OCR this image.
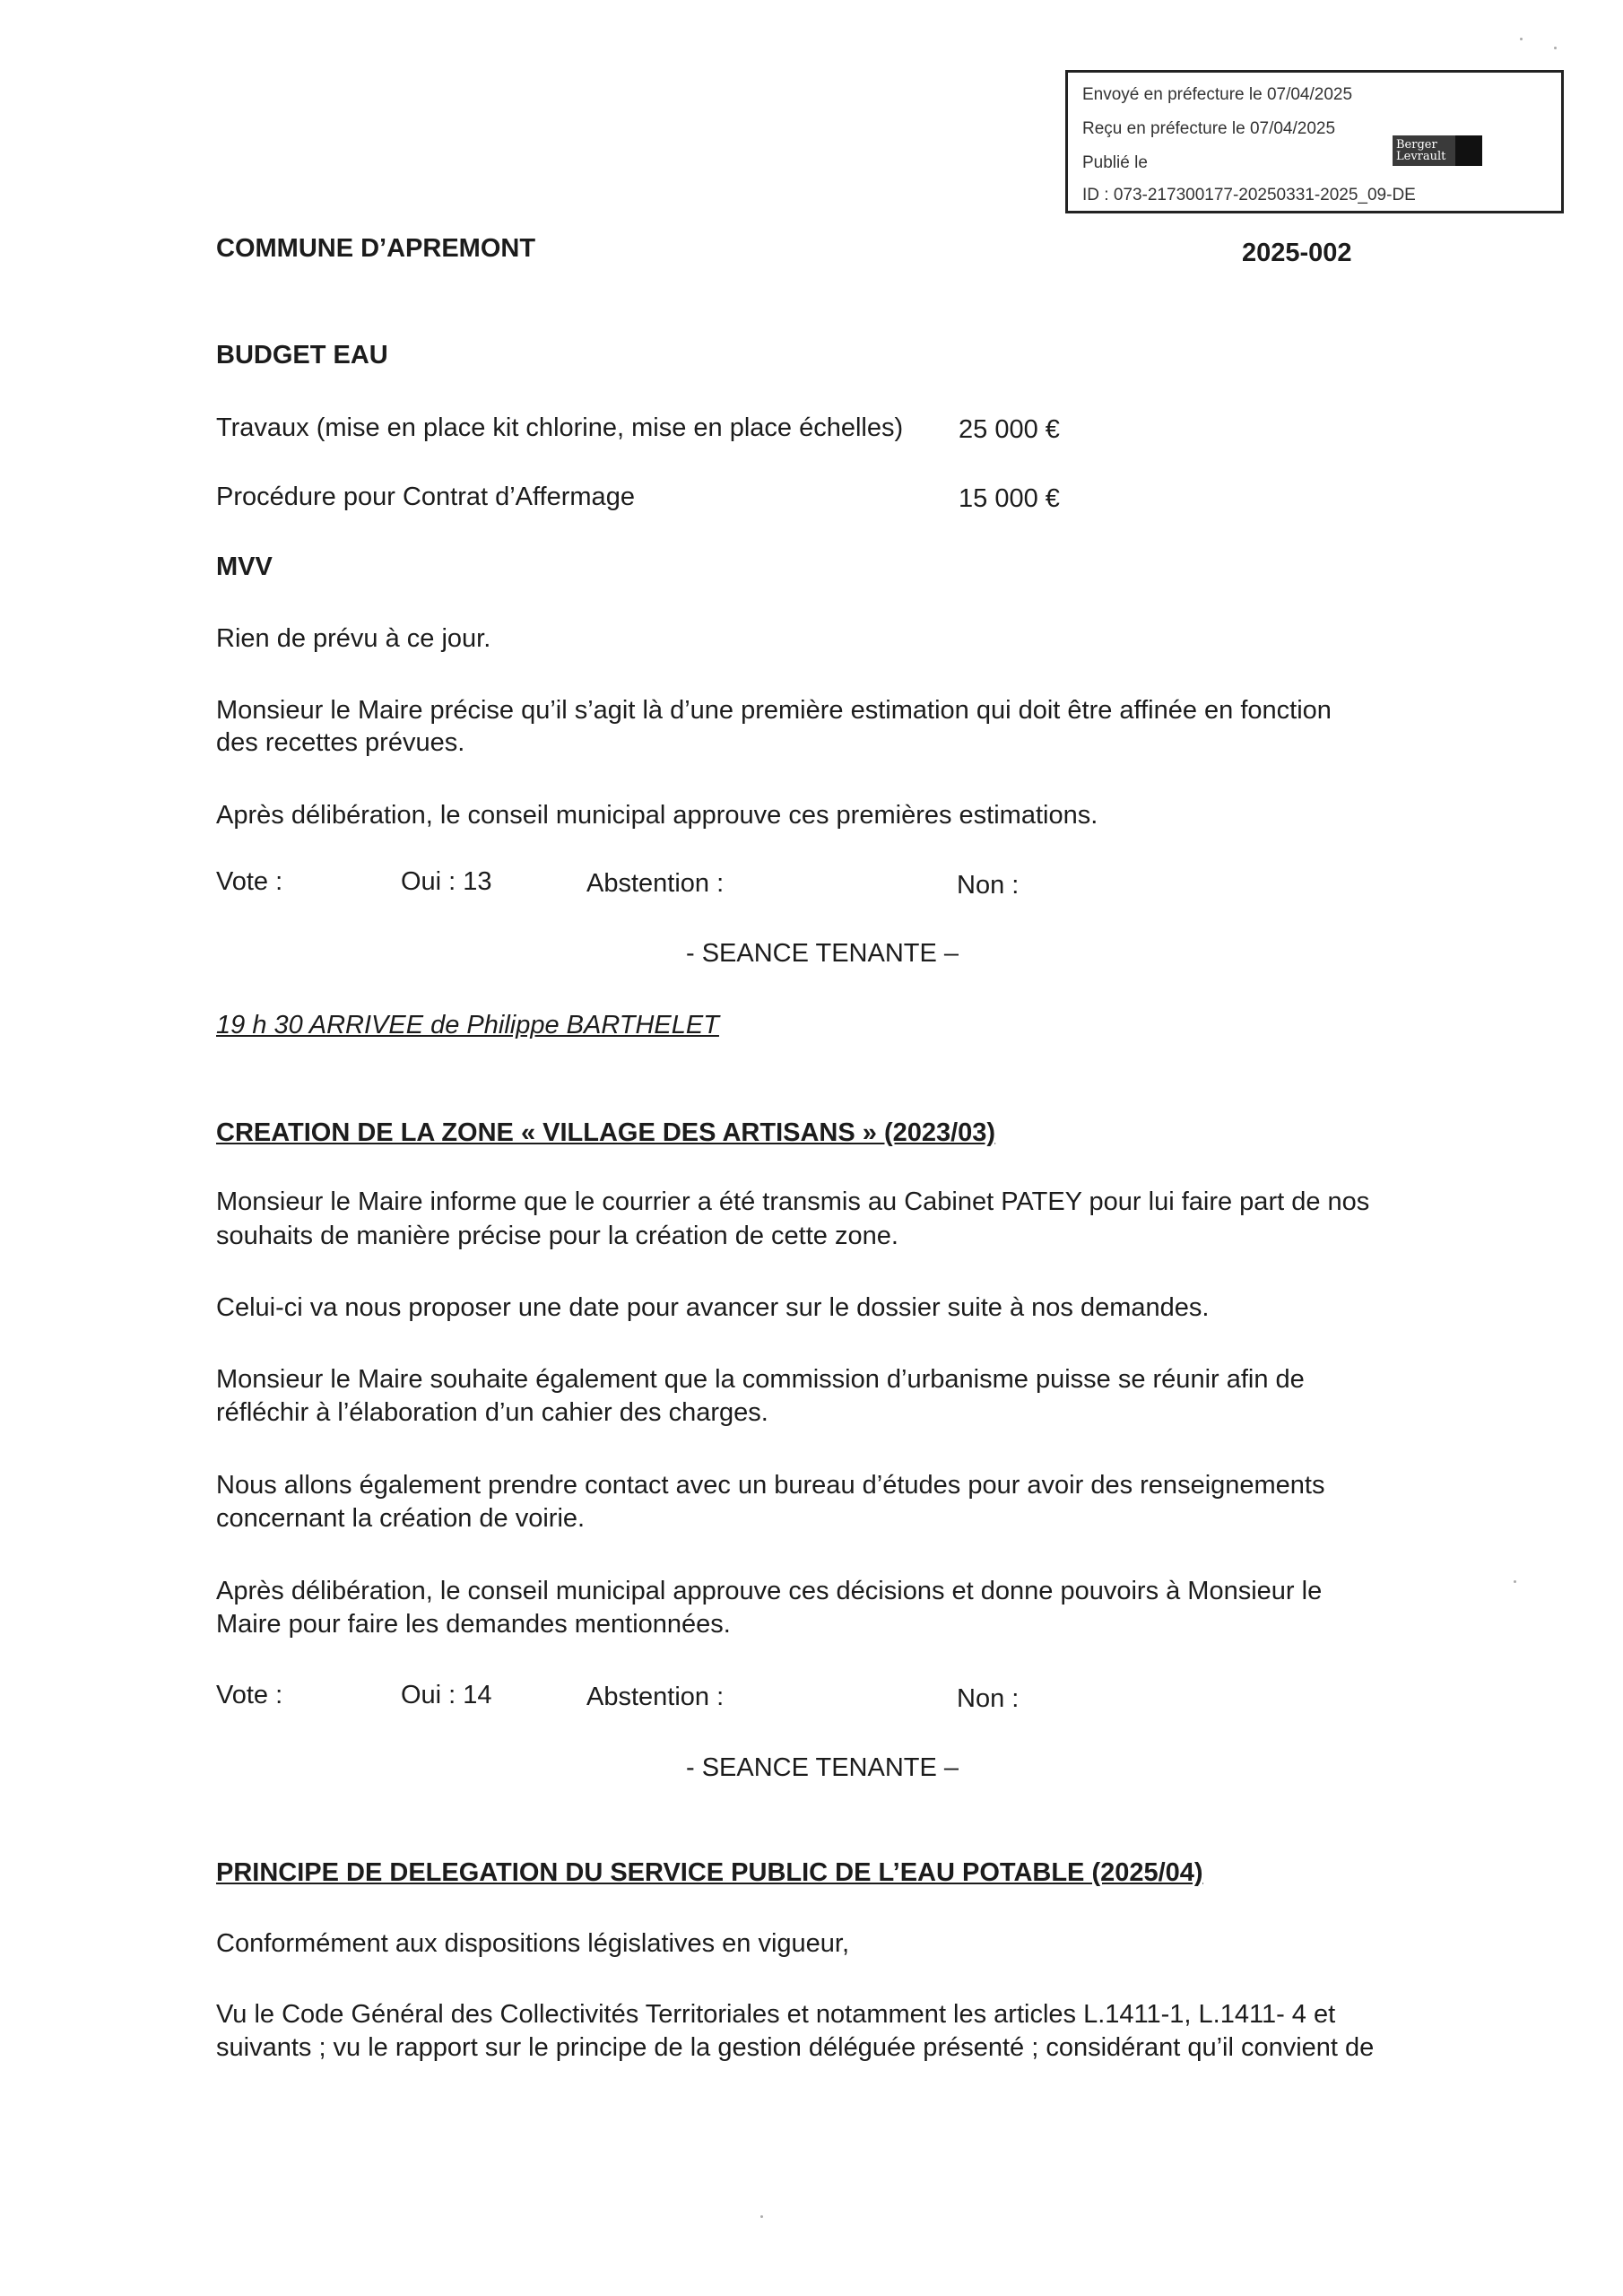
Envoyé en préfecture le 07/04/2025
Reçu en préfecture le 07/04/2025
Publié le
ID : 073-217300177-20250331-2025_09-DE
Berger
Levrault
COMMUNE D’APREMONT	2025-002
BUDGET EAU
Travaux (mise en place kit chlorine, mise en place échelles) 25 000 €
Procédure pour Contrat d’Affermage	15 000 €
MVV
Rien de prévu à ce jour.
Monsieur le Maire précise qu’il s’agit là d’une première estimation qui doit être affinée en fonction
des recettes prévues.
Après délibération, le conseil municipal approuve ces premières estimations.
Vote :	Oui : 13	Abstention :	Non :
- SEANCE TENANTE –
19 h 30 ARRIVEE de Philippe BARTHELET
CREATION DE LA ZONE « VILLAGE DES ARTISANS » (2023/03)
Monsieur le Maire informe que le courrier a été transmis au Cabinet PATEY pour lui faire part de nos
souhaits de manière précise pour la création de cette zone.
Celui-ci va nous proposer une date pour avancer sur le dossier suite à nos demandes.
Monsieur le Maire souhaite également que la commission d’urbanisme puisse se réunir afin de
réfléchir à l’élaboration d’un cahier des charges.
Nous allons également prendre contact avec un bureau d’études pour avoir des renseignements
concernant la création de voirie.
Après délibération, le conseil municipal approuve ces décisions et donne pouvoirs à Monsieur le
Maire pour faire les demandes mentionnées.
Vote :	Oui : 14	Abstention :	Non :
- SEANCE TENANTE –
PRINCIPE DE DELEGATION DU SERVICE PUBLIC DE L’EAU POTABLE (2025/04)
Conformément aux dispositions législatives en vigueur,
Vu le Code Général des Collectivités Territoriales et notamment les articles L.1411-1, L.1411- 4 et
suivants ; vu le rapport sur le principe de la gestion déléguée présenté ; considérant qu’il convient de
